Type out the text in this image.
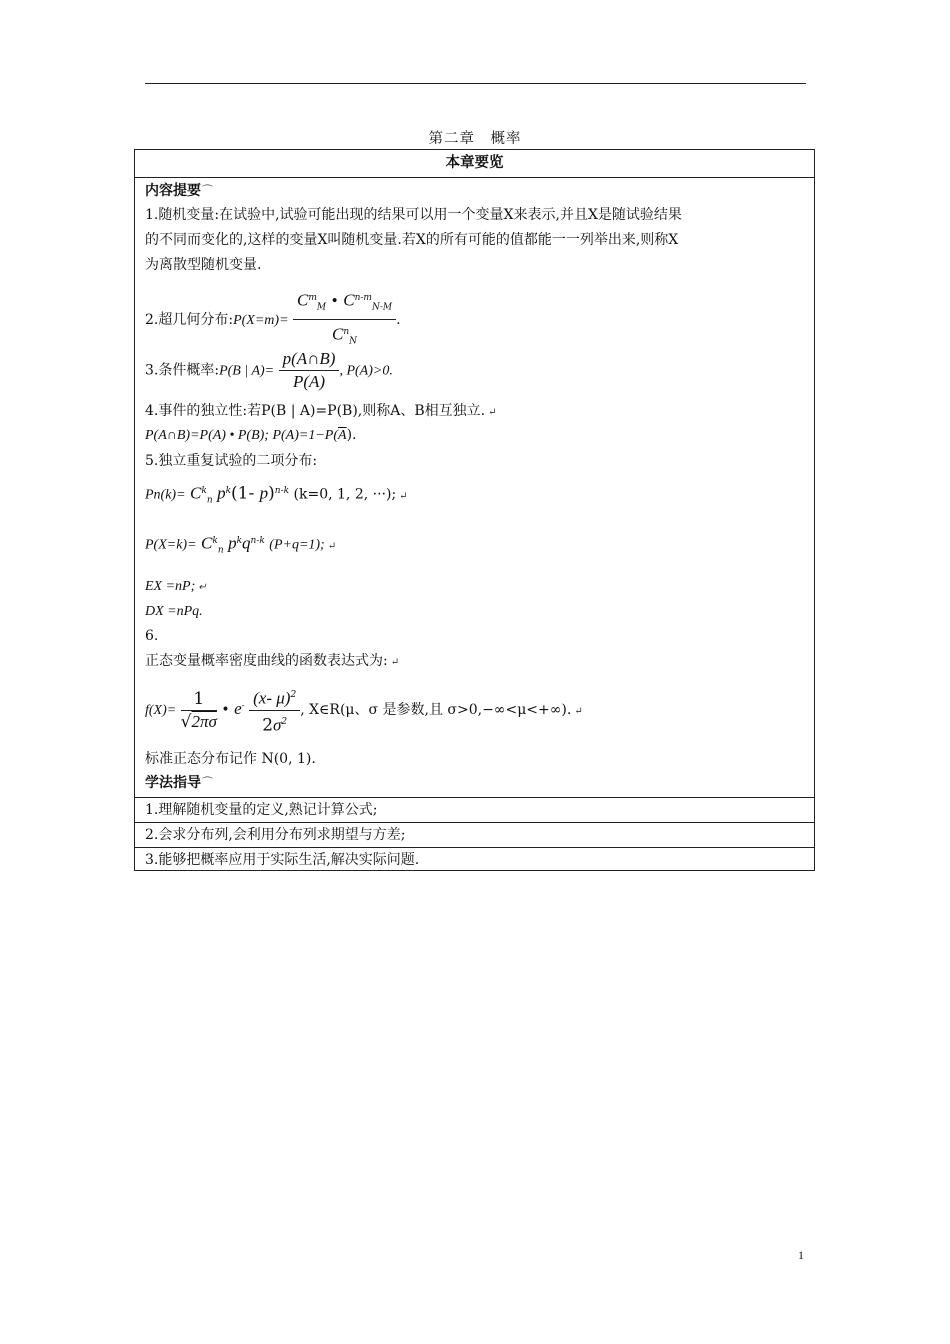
第二章　概率
本章要览
内容提要⌒
1.随机变量:在试验中,试验可能出现的结果可以用一个变量X来表示,并且X是随试验结果
的不同而变化的,这样的变量X叫随机变量.若X的所有可能的值都能一一列举出来,则称X
为离散型随机变量.
2.超几何分布:P(X=m)= $\frac{C^m_M • C^{n-m}_{N-M}}{C^n_N}$ .
3.条件概率:P(B | $A)= \frac{p(A\cap B)}{P(A)}$ , P(A)>0.
4.事件的独立性:若P(B | A)=P(B),则称A、B相互独立. ↵
P(A∩B)=P(A) • P(B); $P(A)=1-P(\overline{A})$.
5.独立重复试验的二项分布:
$Pn(k)= C^k_n$ $p^k(1-$ p)$^{n-k}$ (k=0, 1, 2, ···); ↵
$P(X=k)= C^k_n$ $p^kq^{n-k}$ (P+q=1); ↵
EX =nP; ↵
DX =nPq.
6.
正态变量概率密度曲线的函数表达式为: ↵
$f(X)= \frac{1}{√2\pi\sigma}$ • $e^- \frac{(x- \mu)^2}{2\sigma^2}$ , X∈R(μ、σ 是参数,且 σ>0,−∞<μ<+∞). ↵
标准正态分布记作 N(0, 1).
学法指导⌒
1.理解随机变量的定义,熟记计算公式;
2.会求分布列,会利用分布列求期望与方差;
3.能够把概率应用于实际生活,解决实际问题.
1
